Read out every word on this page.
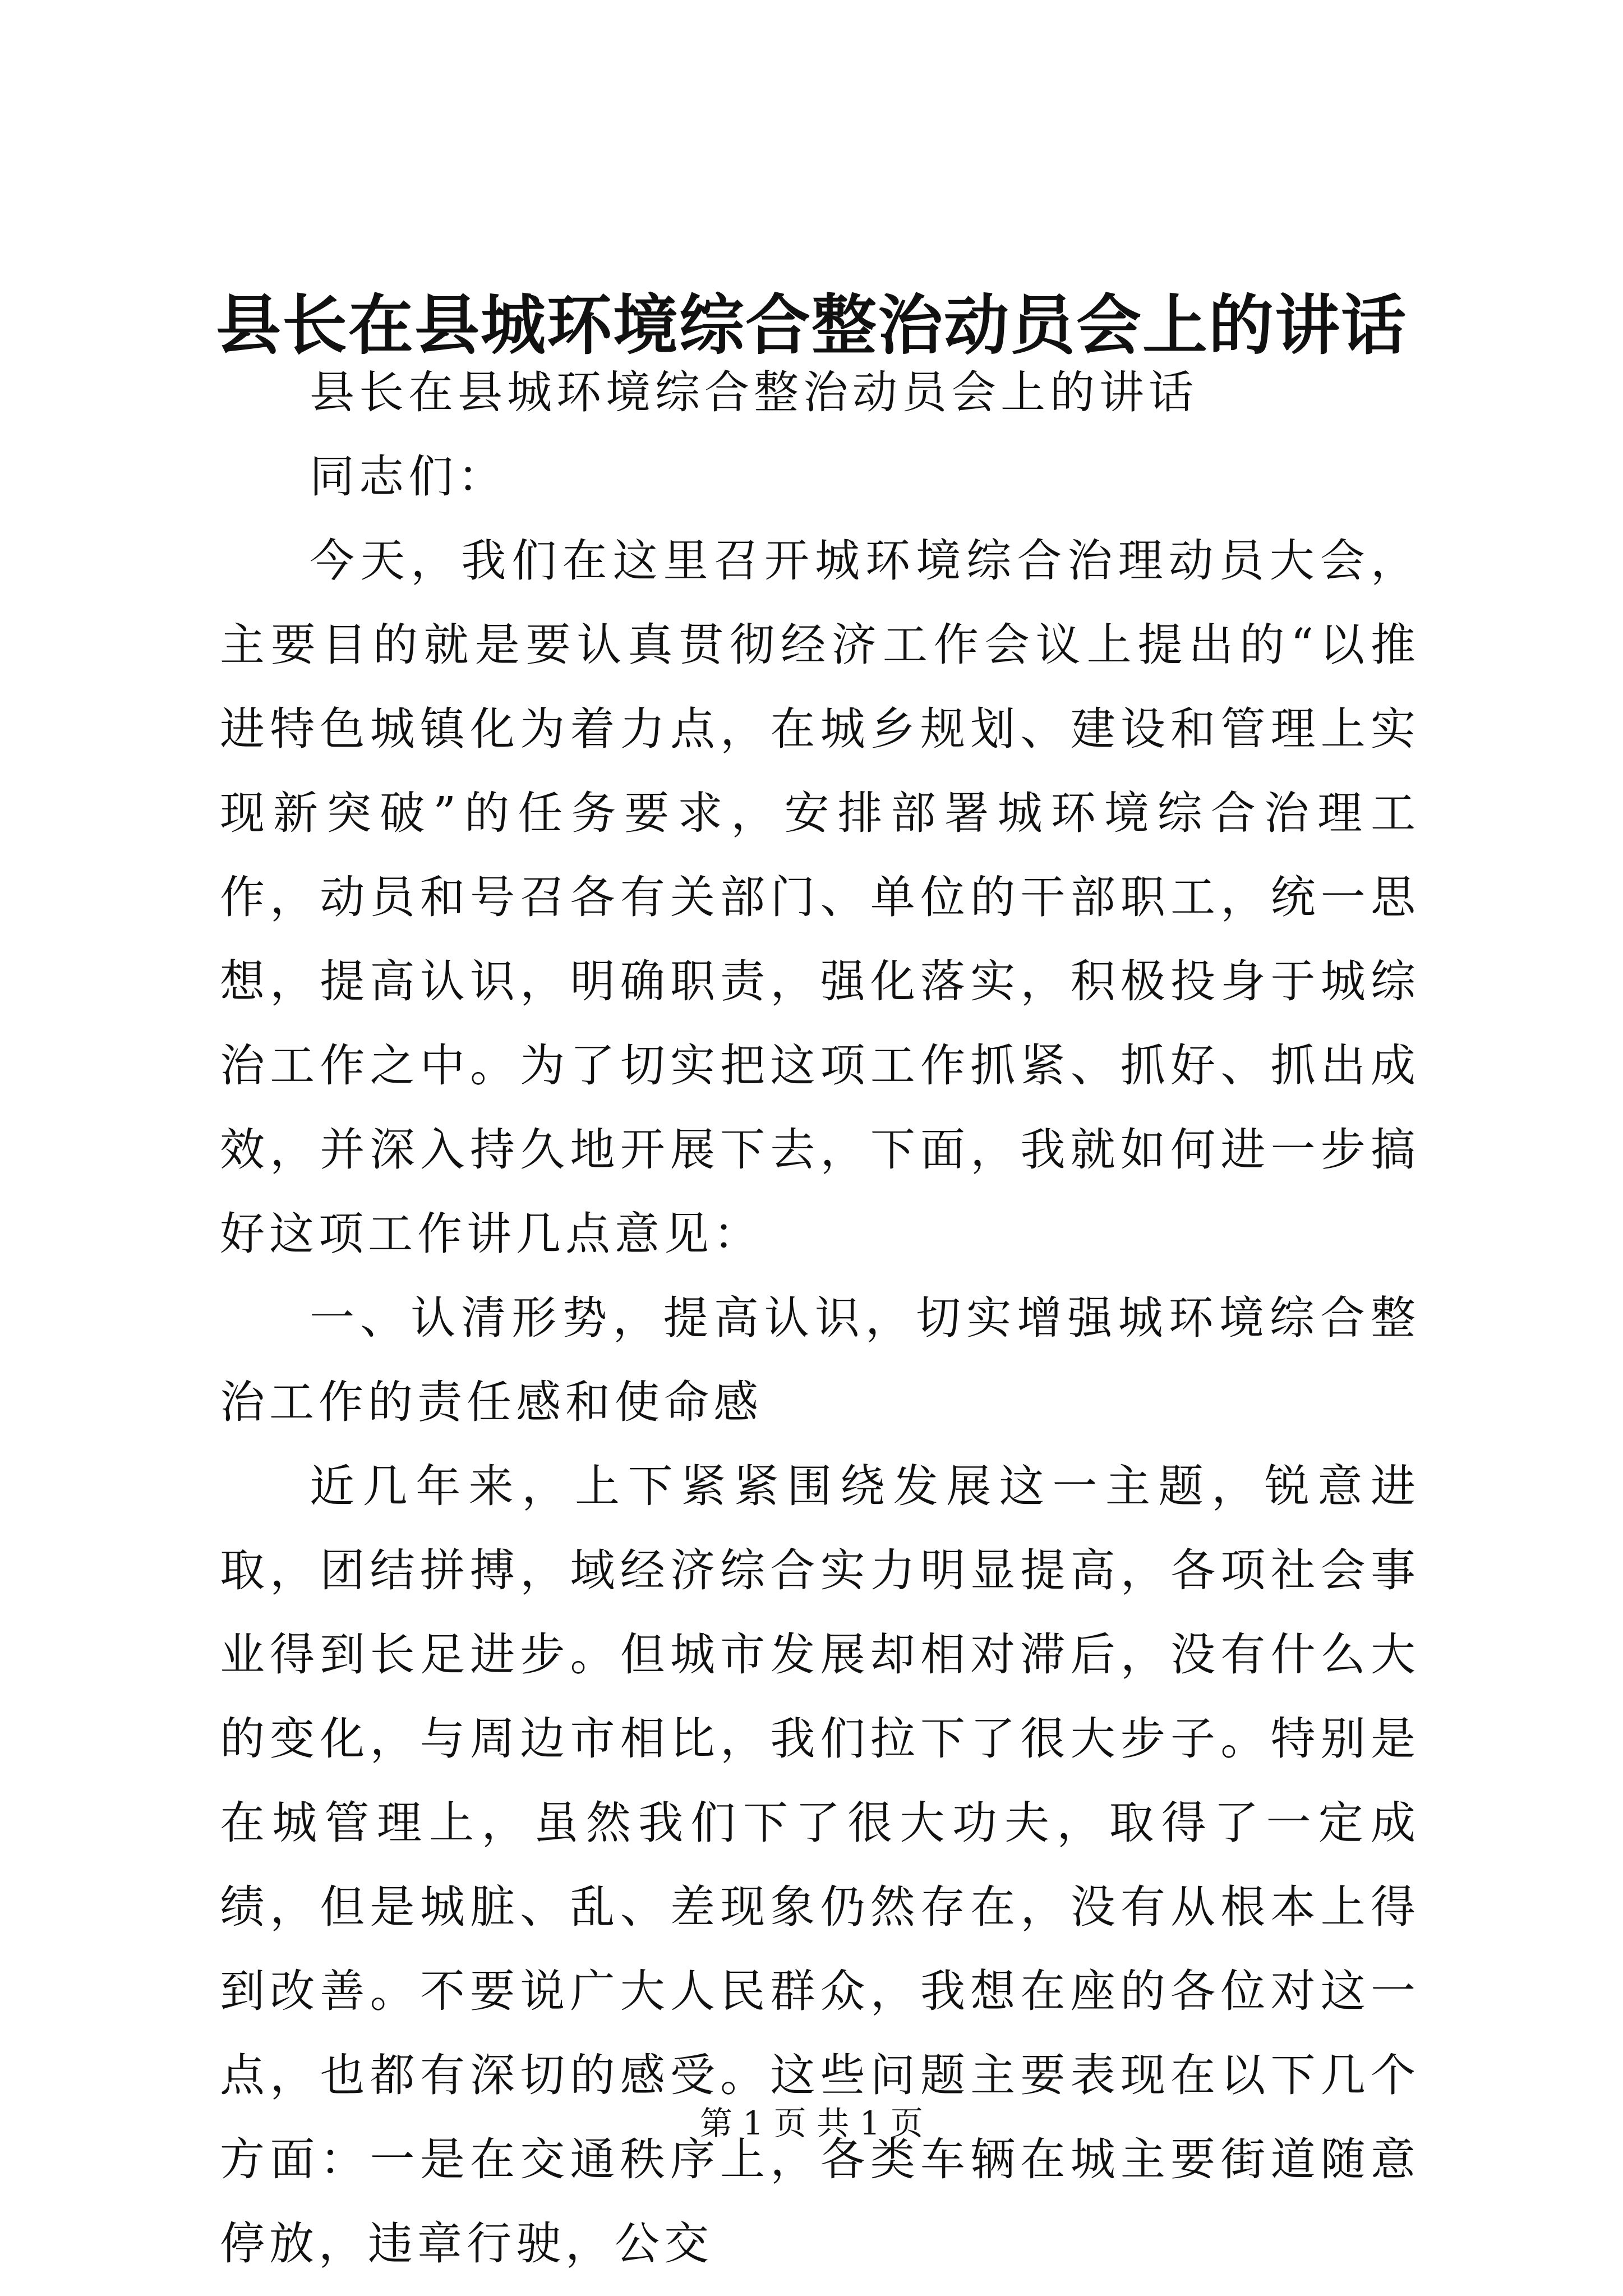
县长在县城环境综合整治动员会上的讲话

县长在县城环境综合整治动员会上的讲话

同志们：

今天，我们在这里召开城环境综合治理动员大会，主要目的就是要认真贯彻经济工作会议上提出的“以推进特色城镇化为着力点，在城乡规划、建设和管理上实现新突破”的任务要求，安排部署城环境综合治理工作，动员和号召各有关部门、单位的干部职工，统一思想，提高认识，明确职责，强化落实，积极投身于城综治工作之中。为了切实把这项工作抓紧、抓好、抓出成效，并深入持久地开展下去，下面，我就如何进一步搞好这项工作讲几点意见：

一、认清形势，提高认识，切实增强城环境综合整治工作的责任感和使命感

近几年来，上下紧紧围绕发展这一主题，锐意进取，团结拼搏，域经济综合实力明显提高，各项社会事业得到长足进步。但城市发展却相对滞后，没有什么大的变化，与周边市相比，我们拉下了很大步子。特别是在城管理上，虽然我们下了很大功夫，取得了一定成绩，但是城脏、乱、差现象仍然存在，没有从根本上得到改善。不要说广大人民群众，我想在座的各位对这一点，也都有深切的感受。这些问题主要表现在以下几个方面：一是在交通秩序上，各类车辆在城主要街道随意停放，违章行驶，公交

第 1 页 共 1 页
